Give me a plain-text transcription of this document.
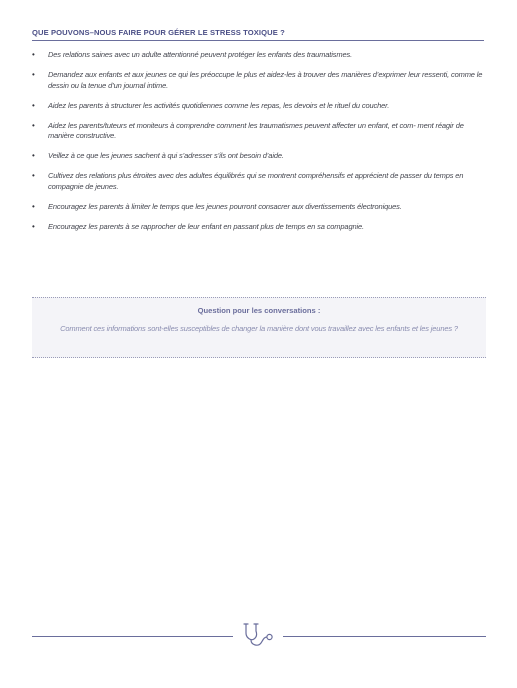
QUE POUVONS–NOUS FAIRE POUR GÉRER LE STRESS TOXIQUE ?
• Des relations saines avec un adulte attentionné peuvent protéger les enfants des traumatismes.
• Demandez aux enfants et aux jeunes ce qui les préoccupe le plus et aidez-les à trouver des manières d’exprimer leur ressenti, comme le dessin ou la tenue d’un journal intime.
• Aidez les parents à structurer les activités quotidiennes comme les repas, les devoirs et le rituel du coucher.
• Aidez les parents/tuteurs et moniteurs à comprendre comment les traumatismes peuvent affecter un enfant, et com- ment réagir de manière constructive.
• Veillez à ce que les jeunes sachent à qui s’adresser s’ils ont besoin d’aide.
• Cultivez des relations plus étroites avec des adultes équilibrés qui se montrent compréhensifs et apprécient de passer du temps en compagnie de jeunes.
• Encouragez les parents à limiter le temps que les jeunes pourront consacrer aux divertissements électroniques.
• Encouragez les parents à se rapprocher de leur enfant en passant plus de temps en sa compagnie.
Question pour les conversations :
Comment ces informations sont-elles susceptibles de changer la manière dont vous travaillez avec les enfants et les jeunes ?
